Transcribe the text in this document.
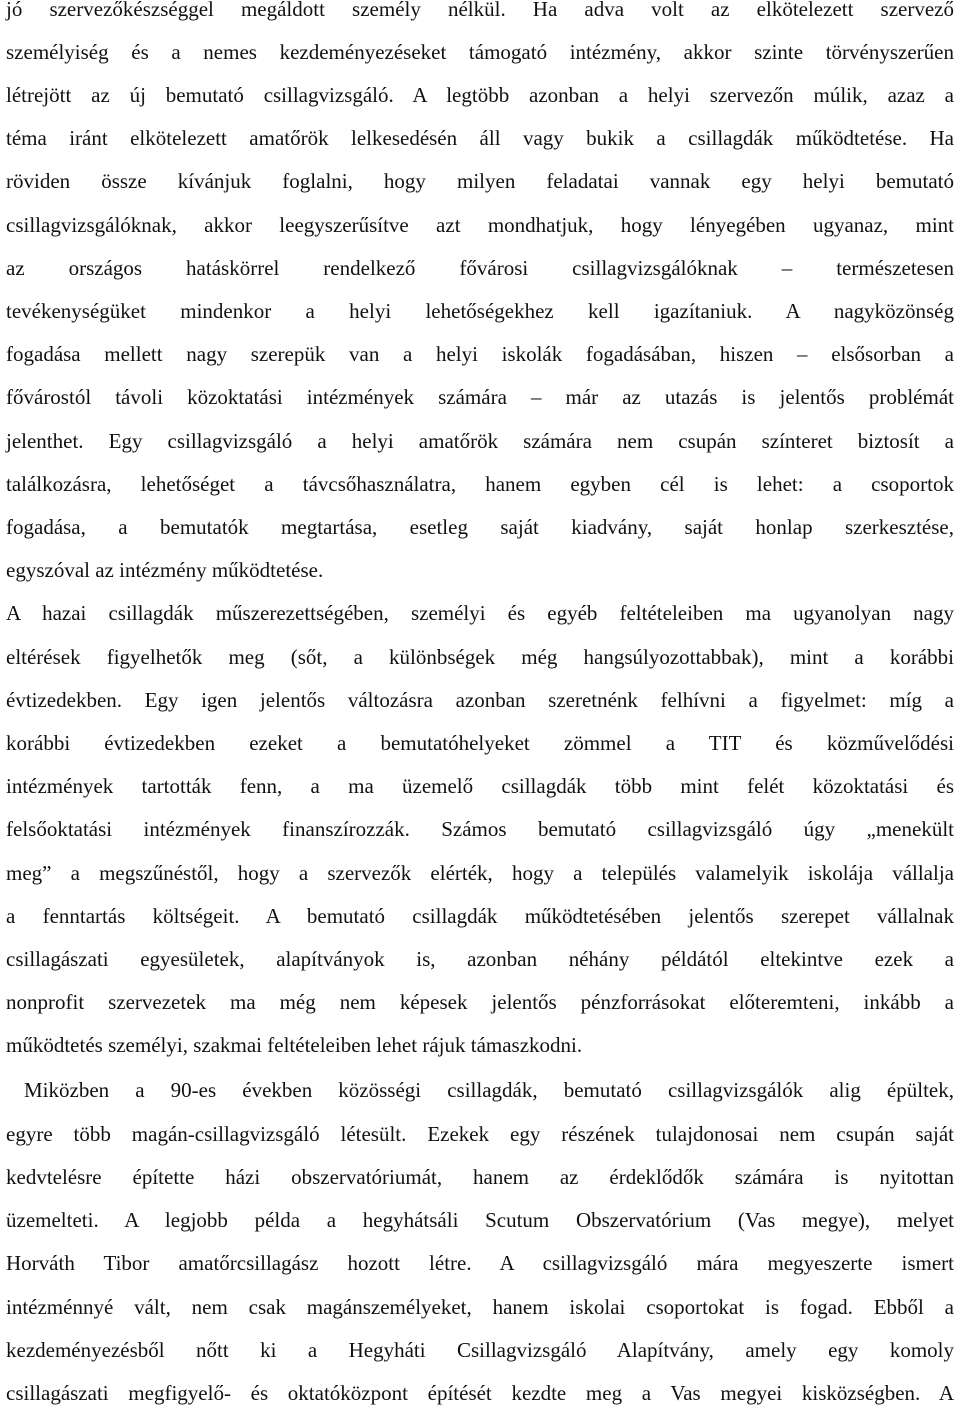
jó szervezőkészséggel megáldott személy nélkül. Ha adva volt az elkötelezett szervező
személyiség és a nemes kezdeményezéseket támogató intézmény, akkor szinte törvényszerűen
létrejött az új bemutató csillagvizsgáló. A legtöbb azonban a helyi szervezőn múlik, azaz a
téma iránt elkötelezett amatőrök lelkesedésén áll vagy bukik a csillagdák működtetése. Ha
röviden össze kívánjuk foglalni, hogy milyen feladatai vannak egy helyi bemutató
csillagvizsgálóknak, akkor leegyszerűsítve azt mondhatjuk, hogy lényegében ugyanaz, mint
az országos hatáskörrel rendelkező fővárosi csillagvizsgálóknak – természetesen
tevékenységüket mindenkor a helyi lehetőségekhez kell igazítaniuk. A nagyközönség
fogadása mellett nagy szerepük van a helyi iskolák fogadásában, hiszen – elsősorban a
fővárostól távoli közoktatási intézmények számára – már az utazás is jelentős problémát
jelenthet. Egy csillagvizsgáló a helyi amatőrök számára nem csupán színteret biztosít a
találkozásra, lehetőséget a távcsőhasználatra, hanem egyben cél is lehet: a csoportok
fogadása, a bemutatók megtartása, esetleg saját kiadvány, saját honlap szerkesztése,
egyszóval az intézmény működtetése.
A hazai csillagdák műszerezettségében, személyi és egyéb feltételeiben ma ugyanolyan nagy
eltérések figyelhetők meg (sőt, a különbségek még hangsúlyozottabbak), mint a korábbi
évtizedekben. Egy igen jelentős változásra azonban szeretnénk felhívni a figyelmet: míg a
korábbi évtizedekben ezeket a bemutatóhelyeket zömmel a TIT és közművelődési
intézmények tartották fenn, a ma üzemelő csillagdák több mint felét közoktatási és
felsőoktatási intézmények finanszírozzák. Számos bemutató csillagvizsgáló úgy „menekült
meg” a megszűnéstől, hogy a szervezők elérték, hogy a település valamelyik iskolája vállalja
a fenntartás költségeit. A bemutató csillagdák működtetésében jelentős szerepet vállalnak
csillagászati egyesületek, alapítványok is, azonban néhány példától eltekintve ezek a
nonprofit szervezetek ma még nem képesek jelentős pénzforrásokat előteremteni, inkább a
működtetés személyi, szakmai feltételeiben lehet rájuk támaszkodni.
Miközben a 90-es években közösségi csillagdák, bemutató csillagvizsgálók alig épültek,
egyre több magán-csillagvizsgáló létesült. Ezekek egy részének tulajdonosai nem csupán saját
kedvtelésre építette házi obszervatóriumát, hanem az érdeklődők számára is nyitottan
üzemelteti. A legjobb példa a hegyhátsáli Scutum Obszervatórium (Vas megye), melyet
Horváth Tibor amatőrcsillagász hozott létre. A csillagvizsgáló mára megyeszerte ismert
intézménnyé vált, nem csak magánszemélyeket, hanem iskolai csoportokat is fogad. Ebből a
kezdeményezésből nőtt ki a Hegyháti Csillagvizsgáló Alapítvány, amely egy komoly
csillagászati megfigyelő- és oktatóközpont építését kezdte meg a Vas megyei kisközségben. A
